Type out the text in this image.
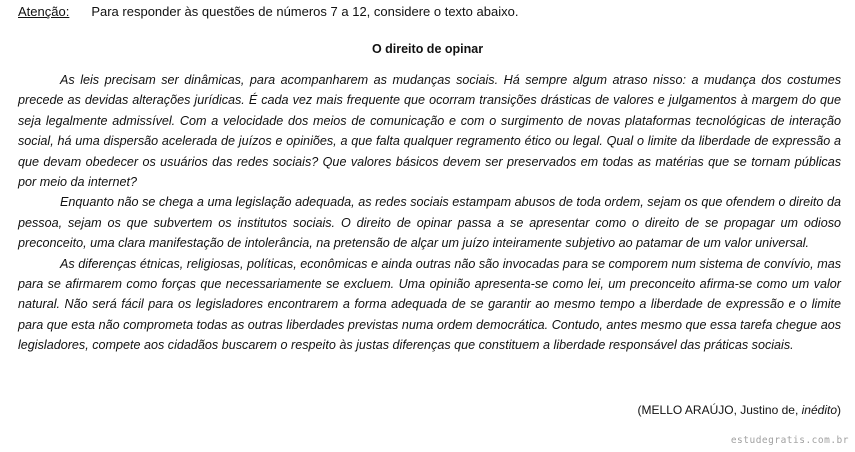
Atenção: Para responder às questões de números 7 a 12, considere o texto abaixo.
O direito de opinar

As leis precisam ser dinâmicas, para acompanharem as mudanças sociais. Há sempre algum atraso nisso: a mudança dos costumes precede as devidas alterações jurídicas. É cada vez mais frequente que ocorram transições drásticas de valores e julgamentos à margem do que seja legalmente admissível. Com a velocidade dos meios de comunicação e com o surgimento de novas plataformas tecnológicas de interação social, há uma dispersão acelerada de juízos e opiniões, a que falta qualquer regramento ético ou legal. Qual o limite da liberdade de expressão a que devam obedecer os usuários das redes sociais? Que valores básicos devem ser preservados em todas as matérias que se tornam públicas por meio da internet?

Enquanto não se chega a uma legislação adequada, as redes sociais estampam abusos de toda ordem, sejam os que ofendem o direito da pessoa, sejam os que subvertem os institutos sociais. O direito de opinar passa a se apresentar como o direito de se propagar um odioso preconceito, uma clara manifestação de intolerância, na pretensão de alçar um juízo inteiramente subjetivo ao patamar de um valor universal.

As diferenças étnicas, religiosas, políticas, econômicas e ainda outras não são invocadas para se comporem num sistema de convívio, mas para se afirmarem como forças que necessariamente se excluem. Uma opinião apresenta-se como lei, um preconceito afirma-se como um valor natural. Não será fácil para os legisladores encontrarem a forma adequada de se garantir ao mesmo tempo a liberdade de expressão e o limite para que esta não comprometa todas as outras liberdades previstas numa ordem democrática. Contudo, antes mesmo que essa tarefa chegue aos legisladores, compete aos cidadãos buscarem o respeito às justas diferenças que constituem a liberdade responsável das práticas sociais.

(MELLO ARAÚJO, Justino de, inédito)
estudegratis.com.br
